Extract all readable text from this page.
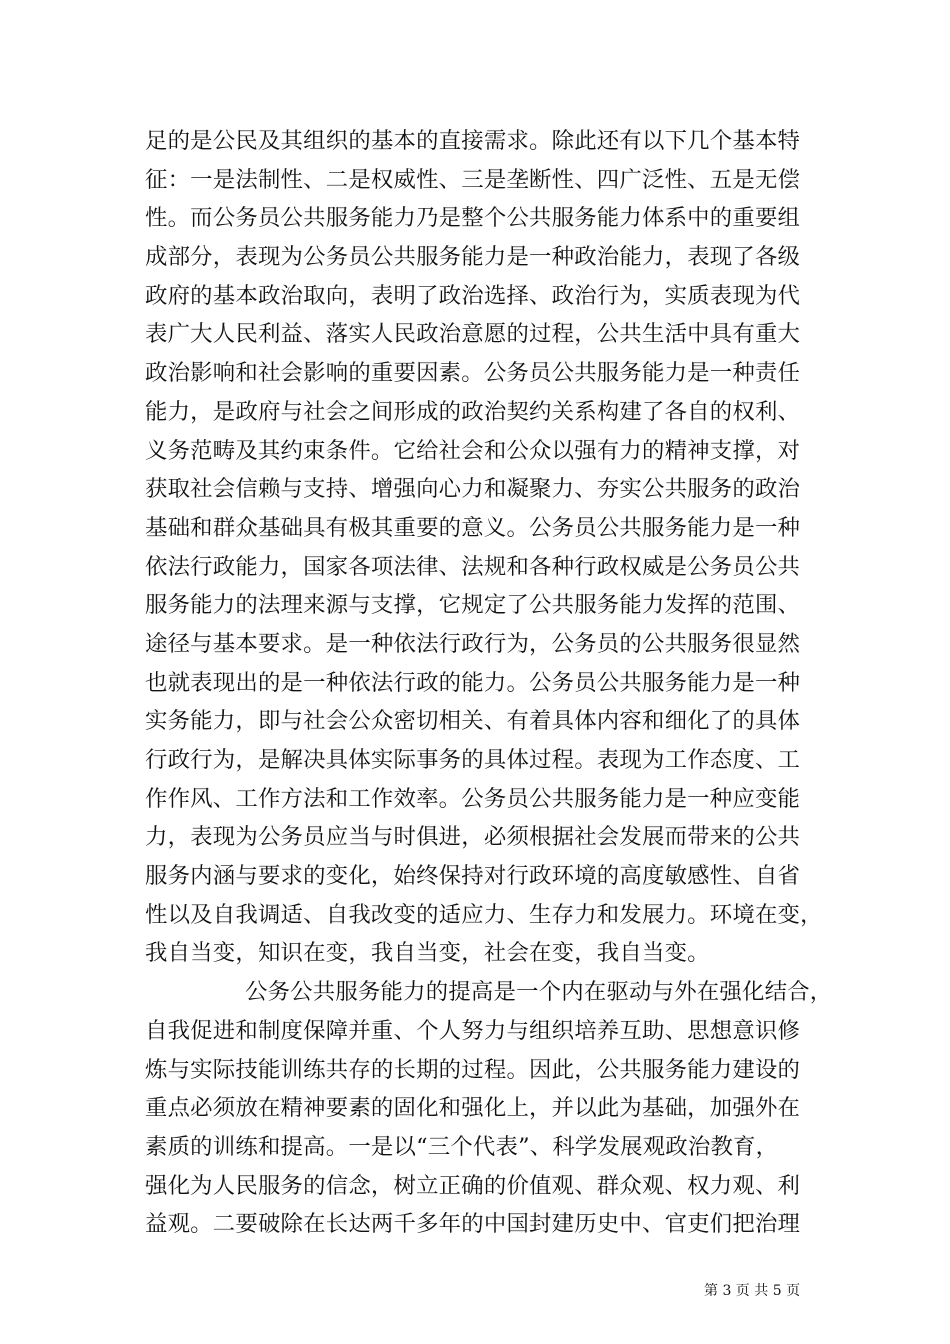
足的是公民及其组织的基本的直接需求。除此还有以下几个基本特
征：一是法制性、二是权威性、三是垄断性、四广泛性、五是无偿
性。而公务员公共服务能力乃是整个公共服务能力体系中的重要组
成部分，表现为公务员公共服务能力是一种政治能力，表现了各级
政府的基本政治取向，表明了政治选择、政治行为，实质表现为代
表广大人民利益、落实人民政治意愿的过程，公共生活中具有重大
政治影响和社会影响的重要因素。公务员公共服务能力是一种责任
能力，是政府与社会之间形成的政治契约关系构建了各自的权利、
义务范畴及其约束条件。它给社会和公众以强有力的精神支撑，对
获取社会信赖与支持、增强向心力和凝聚力、夯实公共服务的政治
基础和群众基础具有极其重要的意义。公务员公共服务能力是一种
依法行政能力，国家各项法律、法规和各种行政权威是公务员公共
服务能力的法理来源与支撑，它规定了公共服务能力发挥的范围、
途径与基本要求。是一种依法行政行为，公务员的公共服务很显然
也就表现出的是一种依法行政的能力。公务员公共服务能力是一种
实务能力，即与社会公众密切相关、有着具体内容和细化了的具体
行政行为，是解决具体实际事务的具体过程。表现为工作态度、工
作作风、工作方法和工作效率。公务员公共服务能力是一种应变能
力，表现为公务员应当与时俱进，必须根据社会发展而带来的公共
服务内涵与要求的变化，始终保持对行政环境的高度敏感性、自省
性以及自我调适、自我改变的适应力、生存力和发展力。环境在变，
我自当变，知识在变，我自当变，社会在变，我自当变。
公务公共服务能力的提高是一个内在驱动与外在强化结合，
自我促进和制度保障并重、个人努力与组织培养互助、思想意识修
炼与实际技能训练共存的长期的过程。因此，公共服务能力建设的
重点必须放在精神要素的固化和强化上，并以此为基础，加强外在
素质的训练和提高。一是以“三个代表”、科学发展观政治教育，
强化为人民服务的信念，树立正确的价值观、群众观、权力观、利
益观。二要破除在长达两千多年的中国封建历史中、官吏们把治理
第 3 页 共 5 页
